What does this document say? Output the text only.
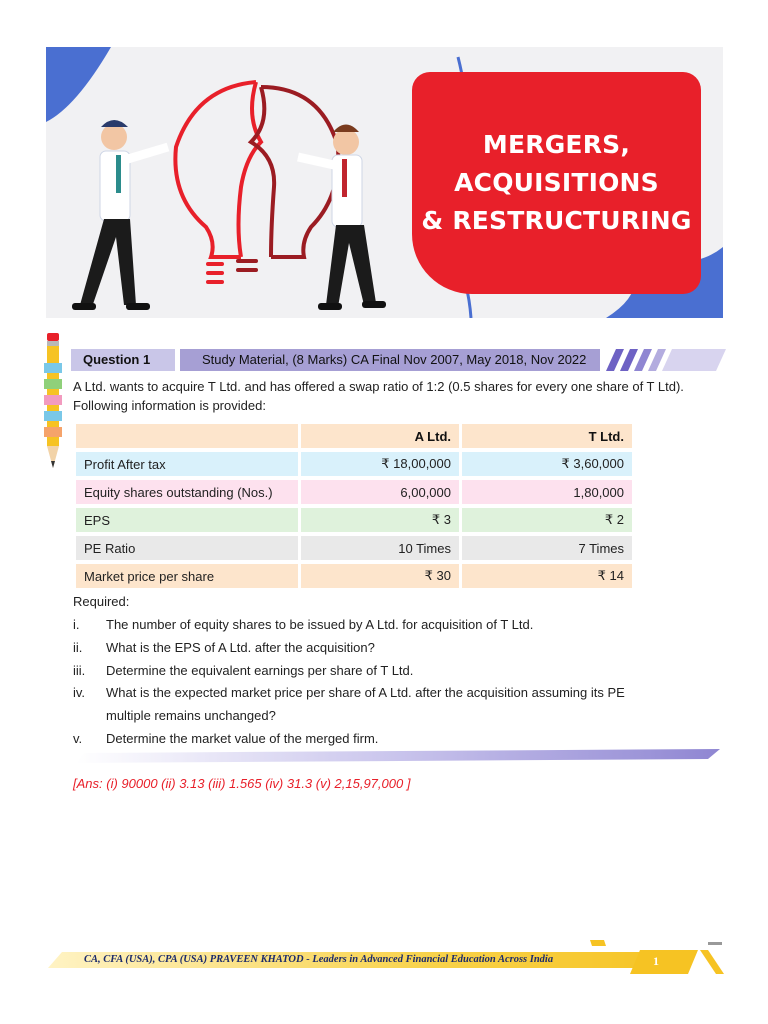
MERGERS,
ACQUISITIONS
& RESTRUCTURING
Question 1	Study Material, (8 Marks) CA Final Nov 2007, May 2018, Nov 2022
A Ltd. wants to acquire T Ltd. and has offered a swap ratio of 1:2 (0.5 shares for every one share of T Ltd). Following information is provided:
	A Ltd.	T Ltd.
Profit After tax	₹ 18,00,000	₹ 3,60,000
Equity shares outstanding (Nos.)	6,00,000	1,80,000
EPS	₹ 3	₹ 2
PE Ratio	10 Times	7 Times
Market price per share	₹ 30	₹ 14
Required:
i.	The number of equity shares to be issued by A Ltd. for acquisition of T Ltd.
ii.	What is the EPS of A Ltd. after the acquisition?
iii.	Determine the equivalent earnings per share of T Ltd.
iv.	What is the expected market price per share of A Ltd. after the acquisition assuming its PE multiple remains unchanged?
v.	Determine the market value of the merged firm.
[Ans: (i) 90000 (ii) 3.13 (iii) 1.565 (iv) 31.3 (v) 2,15,97,000 ]
CA, CFA (USA), CPA (USA) PRAVEEN KHATOD - Leaders in Advanced Financial Education Across India	1
